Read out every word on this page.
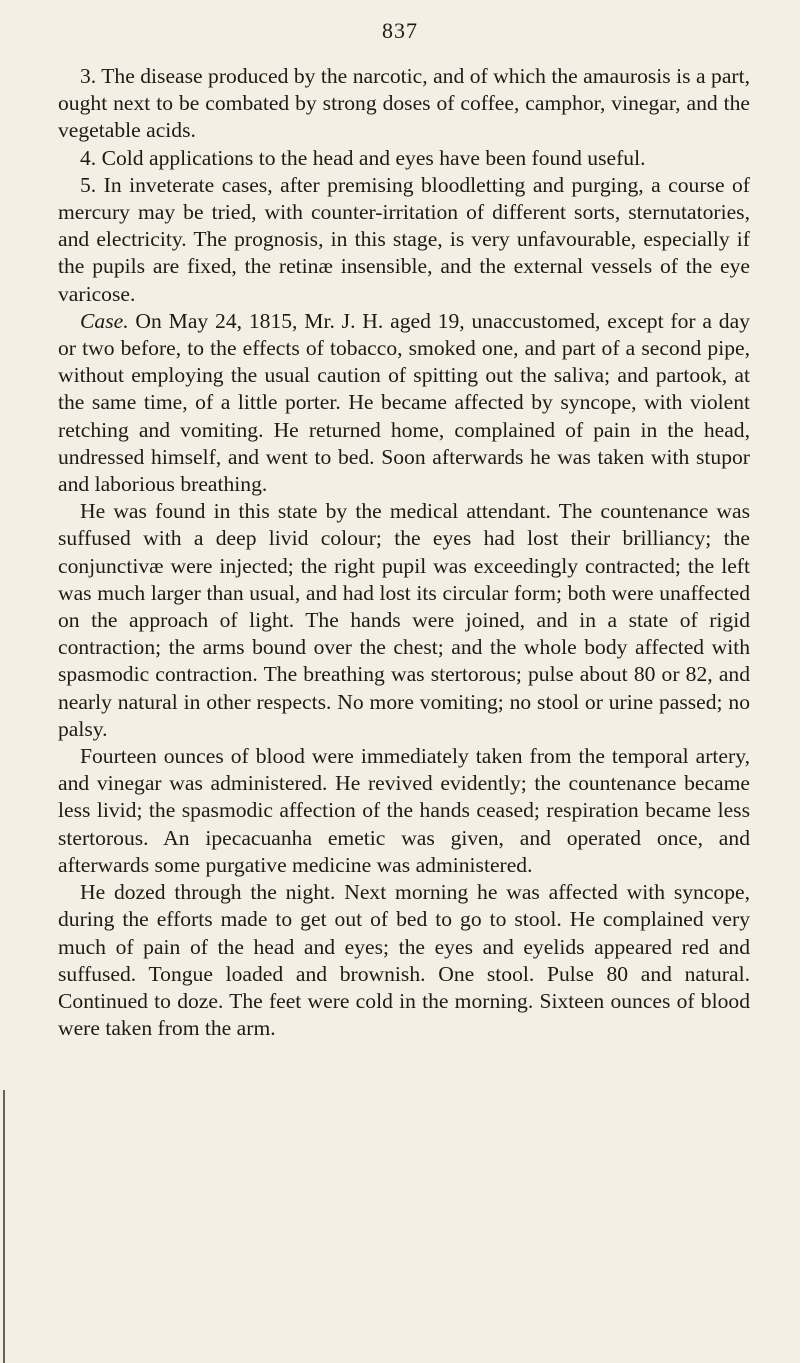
837

3. The disease produced by the narcotic, and of which the amaurosis is a part, ought next to be combated by strong doses of coffee, camphor, vinegar, and the vegetable acids.

4. Cold applications to the head and eyes have been found useful.

5. In inveterate cases, after premising bloodletting and purging, a course of mercury may be tried, with counter-irritation of different sorts, sternutatories, and electricity. The prognosis, in this stage, is very unfavourable, especially if the pupils are fixed, the retinæ insensible, and the external vessels of the eye varicose.

Case. On May 24, 1815, Mr. J. H. aged 19, unaccustomed, except for a day or two before, to the effects of tobacco, smoked one, and part of a second pipe, without employing the usual caution of spitting out the saliva; and partook, at the same time, of a little porter. He became affected by syncope, with violent retching and vomiting. He returned home, complained of pain in the head, undressed himself, and went to bed. Soon afterwards he was taken with stupor and laborious breathing.

He was found in this state by the medical attendant. The countenance was suffused with a deep livid colour; the eyes had lost their brilliancy; the conjunctivæ were injected; the right pupil was exceedingly contracted; the left was much larger than usual, and had lost its circular form; both were unaffected on the approach of light. The hands were joined, and in a state of rigid contraction; the arms bound over the chest; and the whole body affected with spasmodic contraction. The breathing was stertorous; pulse about 80 or 82, and nearly natural in other respects. No more vomiting; no stool or urine passed; no palsy.

Fourteen ounces of blood were immediately taken from the temporal artery, and vinegar was administered. He revived evidently; the countenance became less livid; the spasmodic affection of the hands ceased; respiration became less stertorous. An ipecacuanha emetic was given, and operated once, and afterwards some purgative medicine was administered.

He dozed through the night. Next morning he was affected with syncope, during the efforts made to get out of bed to go to stool. He complained very much of pain of the head and eyes; the eyes and eyelids appeared red and suffused. Tongue loaded and brownish. One stool. Pulse 80 and natural. Continued to doze. The feet were cold in the morning. Sixteen ounces of blood were taken from the arm.
